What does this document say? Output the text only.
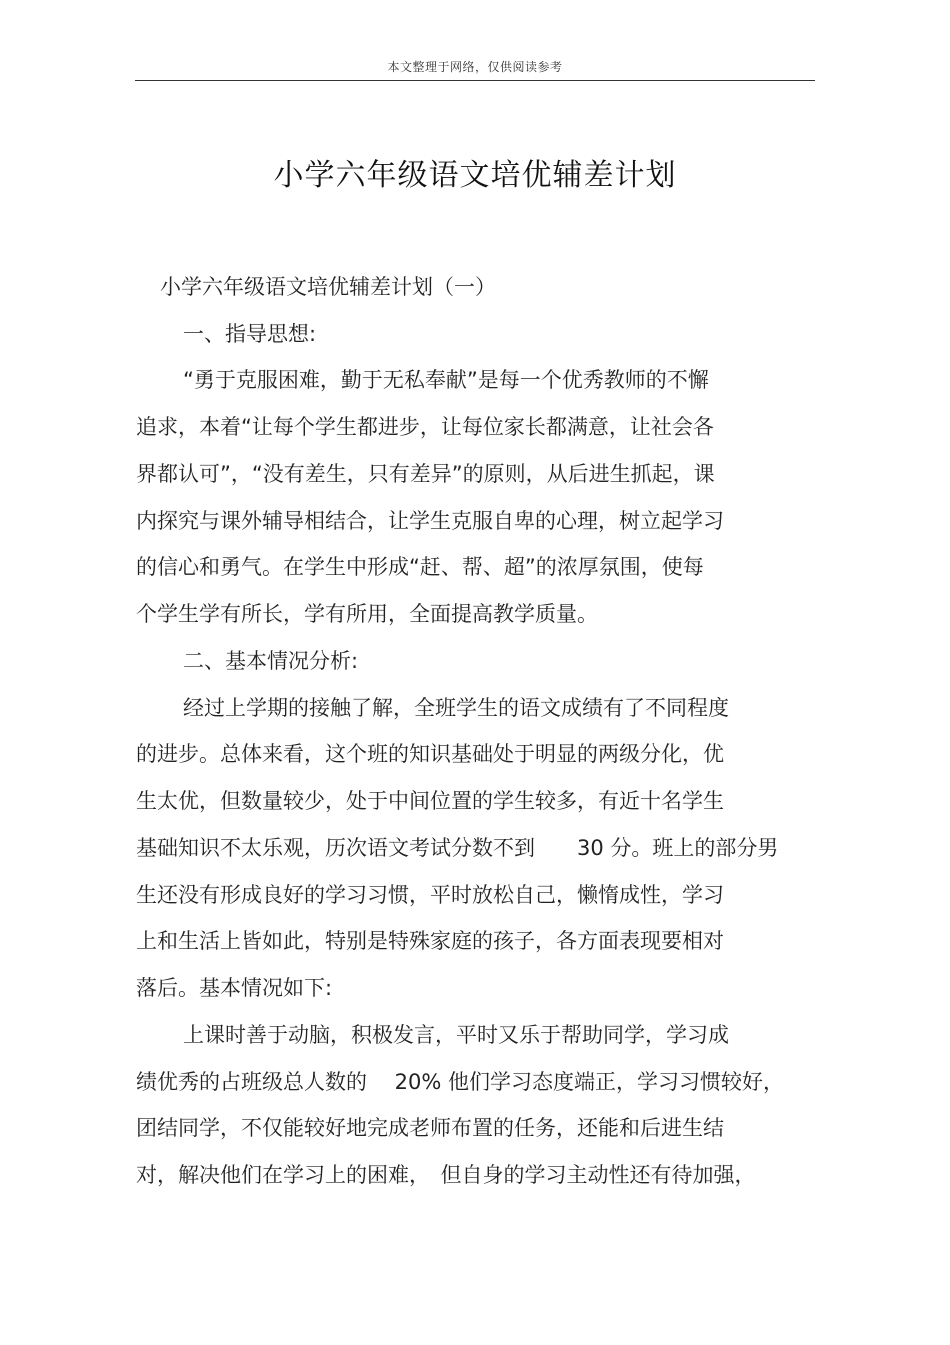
本文整理于网络，仅供阅读参考
小学六年级语文培优辅差计划
小学六年级语文培优辅差计划（一）
一、指导思想:
“勇于克服困难，勤于无私奉献”是每一个优秀教师的不懈
追求，本着“让每个学生都进步，让每位家长都满意，让社会各
界都认可”，“没有差生，只有差异”的原则，从后进生抓起，课
内探究与课外辅导相结合，让学生克服自卑的心理，树立起学习
的信心和勇气。在学生中形成“赶、帮、超”的浓厚氛围，使每
个学生学有所长，学有所用，全面提高教学质量。
二、基本情况分析:
经过上学期的接触了解，全班学生的语文成绩有了不同程度
的进步。总体来看，这个班的知识基础处于明显的两级分化，优
生太优，但数量较少，处于中间位置的学生较多，有近十名学生
基础知识不太乐观，历次语文考试分数不到　　30 分。班上的部分男
生还没有形成良好的学习习惯，平时放松自己，懒惰成性，学习
上和生活上皆如此，特别是特殊家庭的孩子，各方面表现要相对
落后。基本情况如下:
上课时善于动脑，积极发言，平时又乐于帮助同学，学习成
绩优秀的占班级总人数的　 20% 他们学习态度端正，学习习惯较好，
团结同学，不仅能较好地完成老师布置的任务，还能和后进生结
对，解决他们在学习上的困难，　但自身的学习主动性还有待加强，
